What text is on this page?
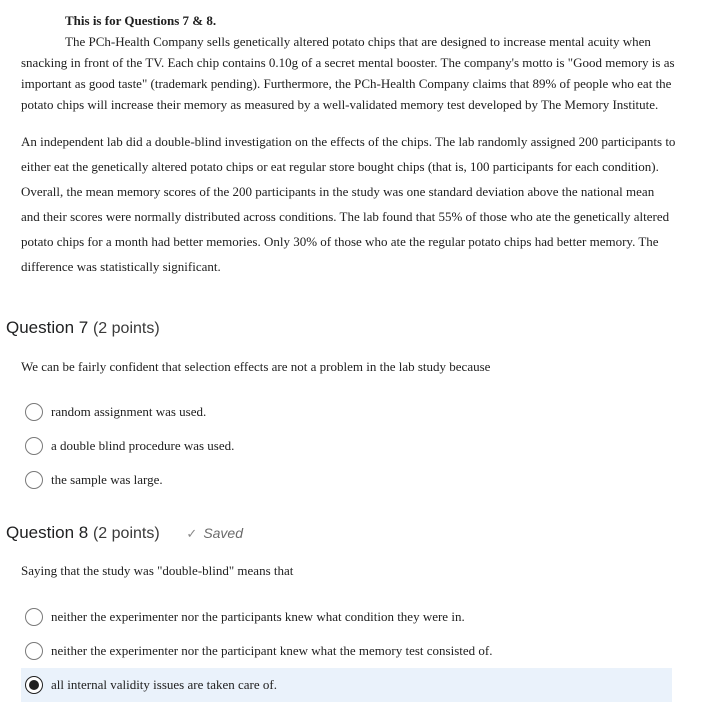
This is for Questions 7 & 8.

The PCh-Health Company sells genetically altered potato chips that are designed to increase mental acuity when snacking in front of the TV. Each chip contains 0.10g of a secret mental booster. The company's motto is "Good memory is as important as good taste" (trademark pending). Furthermore, the PCh-Health Company claims that 89% of people who eat the potato chips will increase their memory as measured by a well-validated memory test developed by The Memory Institute.

An independent lab did a double-blind investigation on the effects of the chips. The lab randomly assigned 200 participants to either eat the genetically altered potato chips or eat regular store bought chips (that is, 100 participants for each condition). Overall, the mean memory scores of the 200 participants in the study was one standard deviation above the national mean and their scores were normally distributed across conditions. The lab found that 55% of those who ate the genetically altered potato chips for a month had better memories. Only 30% of those who ate the regular potato chips had better memory. The difference was statistically significant.

Question 7 (2 points)
We can be fairly confident that selection effects are not a problem in the lab study because
random assignment was used.
a double blind procedure was used.
the sample was large.
Question 8 (2 points) ✓ Saved
Saying that the study was "double-blind" means that
neither the experimenter nor the participants knew what condition they were in.
neither the experimenter nor the participant knew what the memory test consisted of.
all internal validity issues are taken care of.
